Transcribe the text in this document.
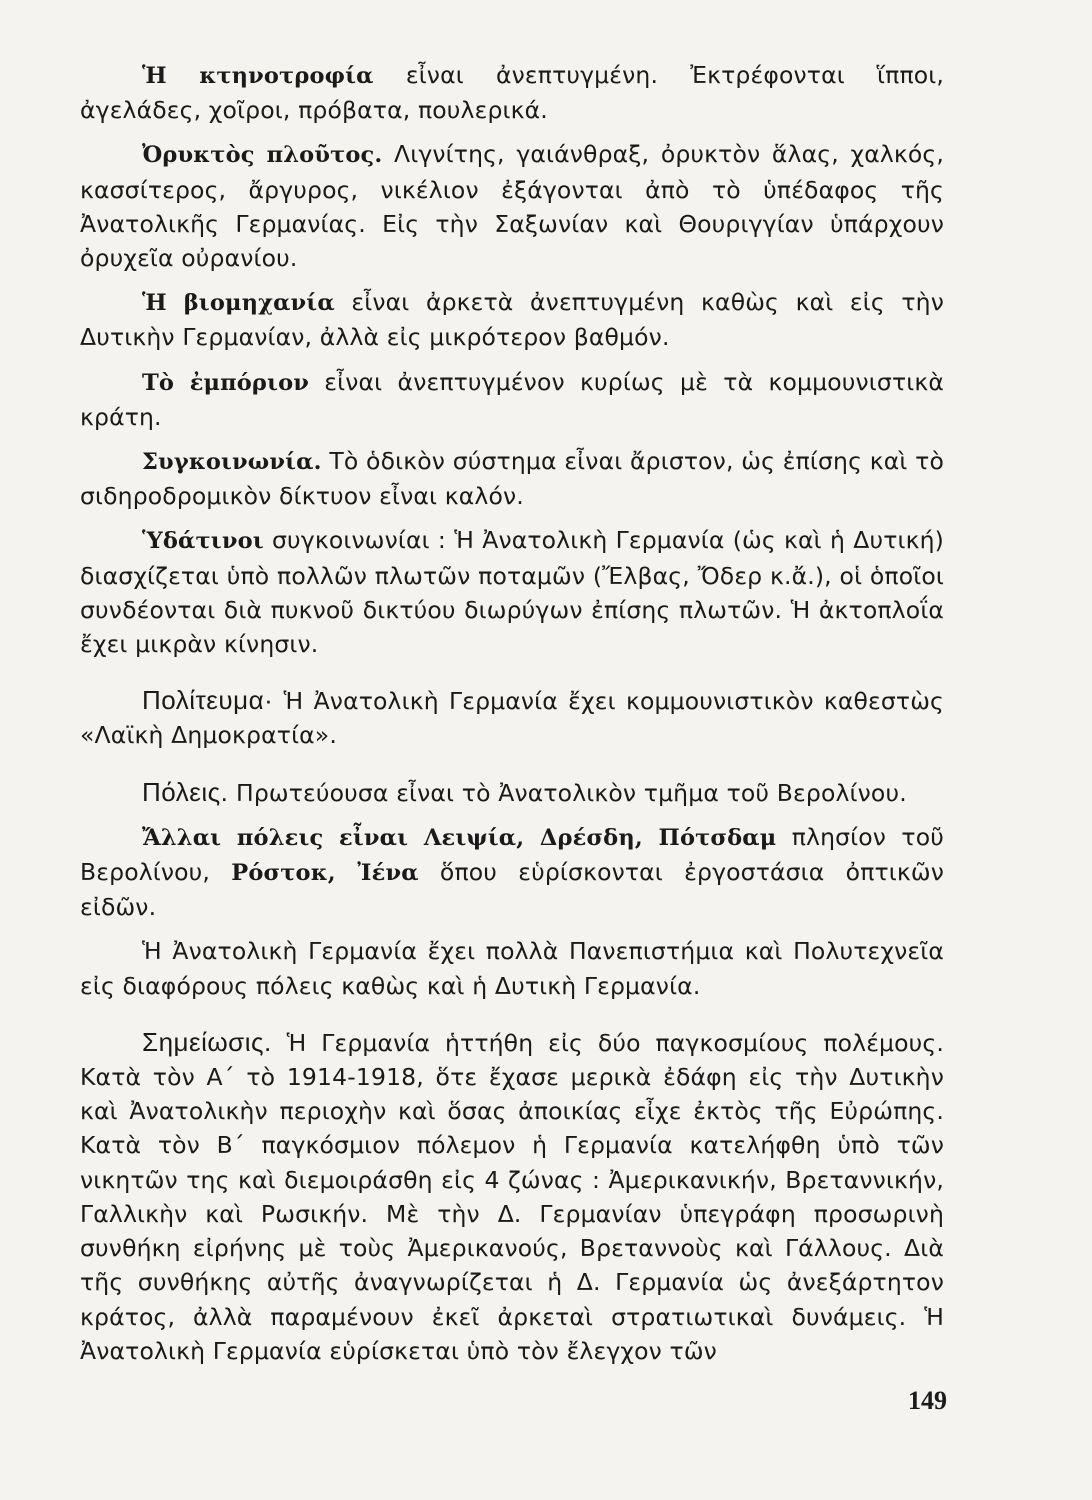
Ἡ κτηνοτροφία εἶναι ἀνεπτυγμένη. Ἐκτρέφονται ἵπποι, ἀγελάδες, χοῖροι, πρόβατα, πουλερικά.

Ὀρυκτὸς πλοῦτος. Λιγνίτης, γαιάνθραξ, ὀρυκτὸν ἅλας, χαλκός, κασσίτερος, ἄργυρος, νικέλιον ἐξάγονται ἀπὸ τὸ ὑπέδαφος τῆς Ἀνατολικῆς Γερμανίας. Εἰς τὴν Σαξωνίαν καὶ Θουριγγίαν ὑπάρχουν ὀρυχεῖα οὐρανίου.

Ἡ βιομηχανία εἶναι ἀρκετὰ ἀνεπτυγμένη καθὼς καὶ εἰς τὴν Δυτικὴν Γερμανίαν, ἀλλὰ εἰς μικρότερον βαθμόν.

Τὸ ἐμπόριον εἶναι ἀνεπτυγμένον κυρίως μὲ τὰ κομμουνιστικὰ κράτη.

Συγκοινωνία. Τὸ ὁδικὸν σύστημα εἶναι ἄριστον, ὡς ἐπίσης καὶ τὸ σιδηροδρομικὸν δίκτυον εἶναι καλόν.

Ὑδάτινοι συγκοινωνίαι : Ἡ Ἀνατολικὴ Γερμανία (ὡς καὶ ἡ Δυτική) διασχίζεται ὑπὸ πολλῶν πλωτῶν ποταμῶν (Ἔλβας, Ὄδερ κ.ἄ.), οἱ ὁποῖοι συνδέονται διὰ πυκνοῦ δικτύου διωρύγων ἐπίσης πλωτῶν. Ἡ ἀκτοπλοΐα ἔχει μικρὰν κίνησιν.

Πολίτευμα· Ἡ Ἀνατολικὴ Γερμανία ἔχει κομμουνιστικὸν καθεστὼς «Λαϊκὴ Δημοκρατία».

Πόλεις. Πρωτεύουσα εἶναι τὸ Ἀνατολικὸν τμῆμα τοῦ Βερολίνου.

Ἄλλαι πόλεις εἶναι Λειψία, Δρέσδη, Πότσδαμ πλησίον τοῦ Βερολίνου, Ρόστοκ, Ἰένα ὅπου εὑρίσκονται ἐργοστάσια ὀπτικῶν εἰδῶν.

Ἡ Ἀνατολικὴ Γερμανία ἔχει πολλὰ Πανεπιστήμια καὶ Πολυτεχνεῖα εἰς διαφόρους πόλεις καθὼς καὶ ἡ Δυτικὴ Γερμανία.

Σημείωσις. Ἡ Γερμανία ἡττήθη εἰς δύο παγκοσμίους πολέμους. Κατὰ τὸν Α΄ τὸ 1914-1918, ὅτε ἔχασε μερικὰ ἐδάφη εἰς τὴν Δυτικὴν καὶ Ἀνατολικὴν περιοχὴν καὶ ὅσας ἀποικίας εἶχε ἐκτὸς τῆς Εὐρώπης. Κατὰ τὸν Β΄ παγκόσμιον πόλεμον ἡ Γερμανία κατελήφθη ὑπὸ τῶν νικητῶν της καὶ διεμοιράσθη εἰς 4 ζώνας : Ἀμερικανικήν, Βρεταννικήν, Γαλλικὴν καὶ Ρωσικήν. Μὲ τὴν Δ. Γερμανίαν ὑπεγράφη προσωρινὴ συνθήκη εἰρήνης μὲ τοὺς Ἀμερικανούς, Βρεταννοὺς καὶ Γάλλους. Διὰ τῆς συνθήκης αὐτῆς ἀναγνωρίζεται ἡ Δ. Γερμανία ὡς ἀνεξάρτητον κράτος, ἀλλὰ παραμένουν ἐκεῖ ἀρκεταὶ στρατιωτικαὶ δυνάμεις. Ἡ Ἀνατολικὴ Γερμανία εὑρίσκεται ὑπὸ τὸν ἔλεγχον τῶν

149
